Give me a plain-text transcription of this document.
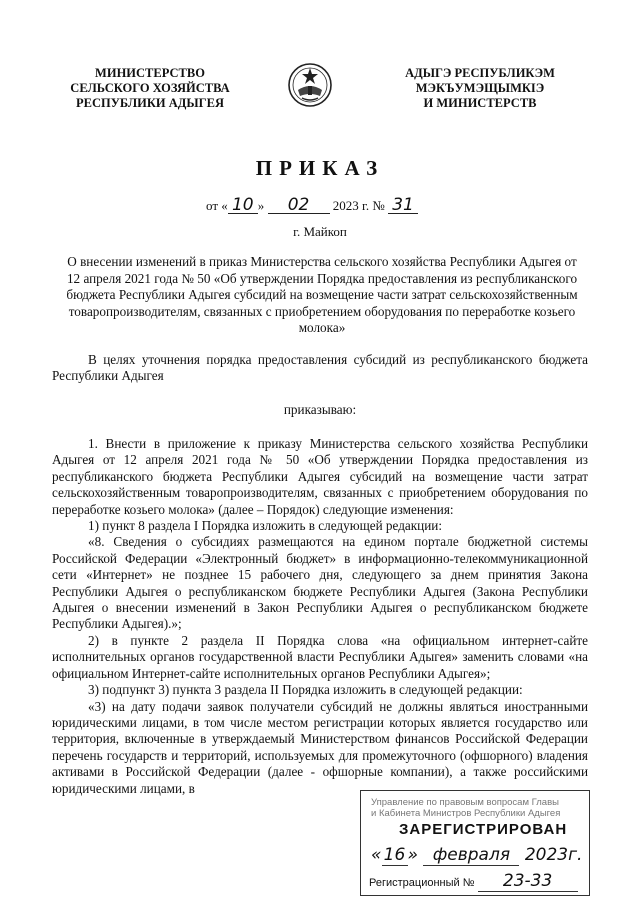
МИНИСТЕРСТВО
СЕЛЬСКОГО ХОЗЯЙСТВА
РЕСПУБЛИКИ АДЫГЕЯ
АДЫГЭ РЕСПУБЛИКЭМ
МЭКЪУМЭЩЫМКIЭ
И МИНИСТЕРСТВ
ПРИКАЗ
от « 10 » 02 2023 г. № 31
г. Майкоп
О внесении изменений в приказ Министерства сельского хозяйства Республики Адыгея от 12 апреля 2021 года № 50 «Об утверждении Порядка предоставления из республиканского бюджета Республики Адыгея субсидий на возмещение части затрат сельскохозяйственным товаропроизводителям, связанных с приобретением оборудования по переработке козьего молока»

В целях уточнения порядка предоставления субсидий из республиканского бюджета Республики Адыгея

приказываю:

1. Внести в приложение к приказу Министерства сельского хозяйства Республики Адыгея от 12 апреля 2021 года № 50 «Об утверждении Порядка предоставления из республиканского бюджета Республики Адыгея субсидий на возмещение части затрат сельскохозяйственным товаропроизводителям, связанных с приобретением оборудования по переработке козьего молока» (далее – Порядок) следующие изменения:

1) пункт 8 раздела I Порядка изложить в следующей редакции:

«8. Сведения о субсидиях размещаются на едином портале бюджетной системы Российской Федерации «Электронный бюджет» в информационно-телекоммуникационной сети «Интернет» не позднее 15 рабочего дня, следующего за днем принятия Закона Республики Адыгея о республиканском бюджете Республики Адыгея (Закона Республики Адыгея о внесении изменений в Закон Республики Адыгея о республиканском бюджете Республики Адыгея).»;

2) в пункте 2 раздела II Порядка слова «на официальном интернет-сайте исполнительных органов государственной власти Республики Адыгея» заменить словами «на официальном Интернет-сайте исполнительных органов Республики Адыгея»;

3) подпункт 3) пункта 3 раздела II Порядка изложить в следующей редакции:

«3) на дату подачи заявок получатели субсидий не должны являться иностранными юридическими лицами, в том числе местом регистрации которых является государство или территория, включенные в утверждаемый Министерством финансов Российской Федерации перечень государств и территорий, используемых для промежуточного (офшорного) владения активами в Российской Федерации (далее - офшорные компании), а также российскими юридическими лицами, в

Управление по правовым вопросам Главы
и Кабинета Министров Республики Адыгея
ЗАРЕГИСТРИРОВАН
« 16 » февраля 2023г.
Регистрационный № 23-33
